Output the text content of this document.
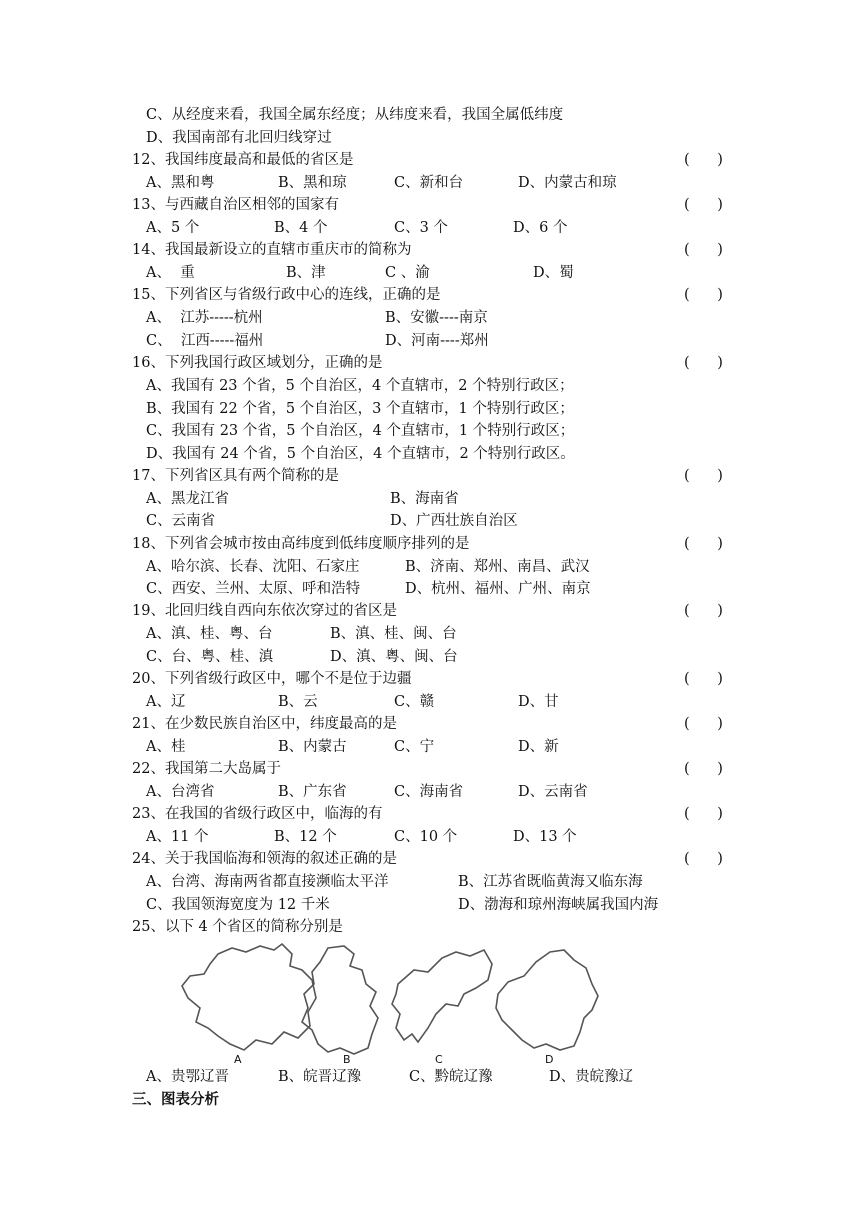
C、从经度来看，我国全属东经度；从纬度来看，我国全属低纬度
D、我国南部有北回归线穿过
12、我国纬度最高和最低的省区是	(      )
A、黑和粤	B、黑和琼	C、新和台	D、内蒙古和琼
13、与西藏自治区相邻的国家有	(      )
A、5 个	B、4 个	C、3 个	D、6 个
14、我国最新设立的直辖市重庆市的简称为	(      )
A、  重	B、津	C 、渝	D、蜀
15、下列省区与省级行政中心的连线，正确的是	(      )
A、  江苏-----杭州	B、安徽----南京
C、  江西-----福州	D、河南----郑州
16、下列我国行政区域划分，正确的是	(      )
A、我国有 23 个省，5 个自治区，4 个直辖市，2 个特别行政区；
B、我国有 22 个省，5 个自治区，3 个直辖市，1 个特别行政区；
C、我国有 23 个省，5 个自治区，4 个直辖市，1 个特别行政区；
D、我国有 24 个省，5 个自治区，4 个直辖市，2 个特别行政区。
17、下列省区具有两个简称的是	(      )
A、黑龙江省	B、海南省
C、云南省	D、广西壮族自治区
18、下列省会城市按由高纬度到低纬度顺序排列的是	(      )
A、哈尔滨、长春、沈阳、石家庄	B、济南、郑州、南昌、武汉
C、西安、兰州、太原、呼和浩特	D、杭州、福州、广州、南京
19、北回归线自西向东依次穿过的省区是	(      )
A、滇、桂、粤、台	B、滇、桂、闽、台
C、台、粤、桂、滇	D、滇、粤、闽、台
20、下列省级行政区中，哪个不是位于边疆	(      )
A、辽	B、云	C、赣	D、甘
21、在少数民族自治区中，纬度最高的是	(      )
A、桂	B、内蒙古	C、宁	D、新
22、我国第二大岛属于	(      )
A、台湾省	B、广东省	C、海南省	D、云南省
23、在我国的省级行政区中，临海的有	(      )
A、11 个	B、12 个	C、10 个	D、13 个
24、关于我国临海和领海的叙述正确的是	(      )
A、台湾、海南两省都直接濒临太平洋	B、江苏省既临黄海又临东海
C、我国领海宽度为 12 千米	D、渤海和琼州海峡属我国内海
25、以下 4 个省区的简称分别是
A	B	C	D
A、贵鄂辽晋	B、皖晋辽豫	C、黔皖辽豫	D、贵皖豫辽
三、图表分析
